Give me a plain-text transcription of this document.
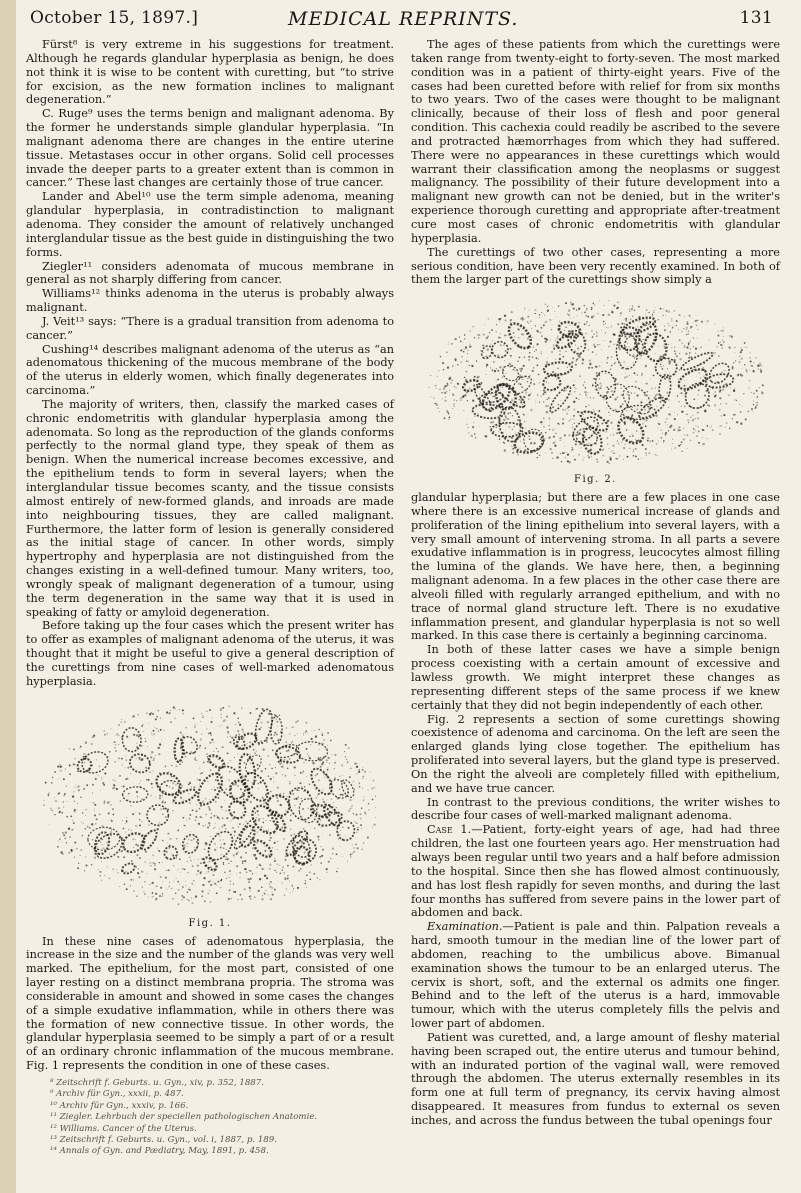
October 15, 1897.]	MEDICAL REPRINTS.	131

Fürst⁸ is very extreme in his suggestions for treatment. Although he regards glandular hyperplasia as benign, he does not think it is wise to be content with curetting, but “to strive for excision, as the new formation inclines to malignant degeneration.”

C. Ruge⁹ uses the terms benign and malignant adenoma. By the former he understands simple glandular hyperplasia. “In malignant adenoma there are changes in the entire uterine tissue. Metastases occur in other organs. Solid cell processes invade the deeper parts to a greater extent than is common in cancer.” These last changes are certainly those of true cancer.

Lander and Abel¹⁰ use the term simple adenoma, meaning glandular hyperplasia, in contradistinction to malignant adenoma. They consider the amount of relatively unchanged interglandular tissue as the best guide in distinguishing the two forms.

Ziegler¹¹ considers adenomata of mucous membrane in general as not sharply differing from cancer.

Williams¹² thinks adenoma in the uterus is probably always malignant.

J. Veit¹³ says: “There is a gradual transition from adenoma to cancer.”

Cushing¹⁴ describes malignant adenoma of the uterus as “an adenomatous thickening of the mucous membrane of the body of the uterus in elderly women, which finally degenerates into carcinoma.”

The majority of writers, then, classify the marked cases of chronic endometritis with glandular hyperplasia among the adenomata. So long as the reproduction of the glands conforms perfectly to the normal gland type, they speak of them as benign. When the numerical increase becomes excessive, and the epithelium tends to form in several layers; when the interglandular tissue becomes scanty, and the tissue consists almost entirely of new-formed glands, and inroads are made into neighbouring tissues, they are called malignant. Furthermore, the latter form of lesion is generally considered as the initial stage of cancer. In other words, simply hypertrophy and hyperplasia are not distinguished from the changes existing in a well-defined tumour. Many writers, too, wrongly speak of malignant degeneration of a tumour, using the term degeneration in the same way that it is used in speaking of fatty or amyloid degeneration.

Before taking up the four cases which the present writer has to offer as examples of malignant adenoma of the uterus, it was thought that it might be useful to give a general description of the curettings from nine cases of well-marked adenomatous hyperplasia.

Fig. 1.

In these nine cases of adenomatous hyperplasia, the increase in the size and the number of the glands was very well marked. The epithelium, for the most part, consisted of one layer resting on a distinct membrana propria. The stroma was considerable in amount and showed in some cases the changes of a simple exudative inflammation, while in others there was the formation of new connective tissue. In other words, the glandular hyperplasia seemed to be simply a part of or a result of an ordinary chronic inflammation of the mucous membrane. Fig. 1 represents the condition in one of these cases.

⁸ Zeitschrift f. Geburts. u. Gyn., xiv, p. 352, 1887.
⁹ Archiv für Gyn., xxxii, p. 487.
¹⁰ Archiv für Gyn., xxxiv, p. 166.
¹¹ Ziegler. Lehrbuch der speciellen pathologischen Anatomie.
¹² Williams. Cancer of the Uterus.
¹³ Zeitschrift f. Geburts. u. Gyn., vol. i, 1887, p. 189.
¹⁴ Annals of Gyn. and Pædiatry, May, 1891, p. 458.

The ages of these patients from which the curettings were taken range from twenty-eight to forty-seven. The most marked condition was in a patient of thirty-eight years. Five of the cases had been curetted before with relief for from six months to two years. Two of the cases were thought to be malignant clinically, because of their loss of flesh and poor general condition. This cachexia could readily be ascribed to the severe and protracted hæmorrhages from which they had suffered. There were no appearances in these curettings which would warrant their classification among the neoplasms or suggest malignancy. The possibility of their future development into a malignant new growth can not be denied, but in the writer's experience thorough curetting and appropriate after-treatment cure most cases of chronic endometritis with glandular hyperplasia.

The curettings of two other cases, representing a more serious condition, have been very recently examined. In both of them the larger part of the curettings show simply a

Fig. 2.

glandular hyperplasia; but there are a few places in one case where there is an excessive numerical increase of glands and proliferation of the lining epithelium into several layers, with a very small amount of intervening stroma. In all parts a severe exudative inflammation is in progress, leucocytes almost filling the lumina of the glands. We have here, then, a beginning malignant adenoma. In a few places in the other case there are alveoli filled with regularly arranged epithelium, and with no trace of normal gland structure left. There is no exudative inflammation present, and glandular hyperplasia is not so well marked. In this case there is certainly a beginning carcinoma.

In both of these latter cases we have a simple benign process coexisting with a certain amount of excessive and lawless growth. We might interpret these changes as representing different steps of the same process if we knew certainly that they did not begin independently of each other.

Fig. 2 represents a section of some curettings showing coexistence of adenoma and carcinoma. On the left are seen the enlarged glands lying close together. The epithelium has proliferated into several layers, but the gland type is preserved. On the right the alveoli are completely filled with epithelium, and we have true cancer.

In contrast to the previous conditions, the writer wishes to describe four cases of well-marked malignant adenoma.

Case 1.—Patient, forty-eight years of age, had had three children, the last one fourteen years ago. Her menstruation had always been regular until two years and a half before admission to the hospital. Since then she has flowed almost continuously, and has lost flesh rapidly for seven months, and during the last four months has suffered from severe pains in the lower part of abdomen and back.

Examination.—Patient is pale and thin. Palpation reveals a hard, smooth tumour in the median line of the lower part of abdomen, reaching to the umbilicus above. Bimanual examination shows the tumour to be an enlarged uterus. The cervix is short, soft, and the external os admits one finger. Behind and to the left of the uterus is a hard, immovable tumour, which with the uterus completely fills the pelvis and lower part of abdomen.

Patient was curetted, and, a large amount of fleshy material having been scraped out, the entire uterus and tumour behind, with an indurated portion of the vaginal wall, were removed through the abdomen. The uterus externally resembles in its form one at full term of pregnancy, its cervix having almost disappeared. It measures from fundus to external os seven inches, and across the fundus between the tubal openings four
